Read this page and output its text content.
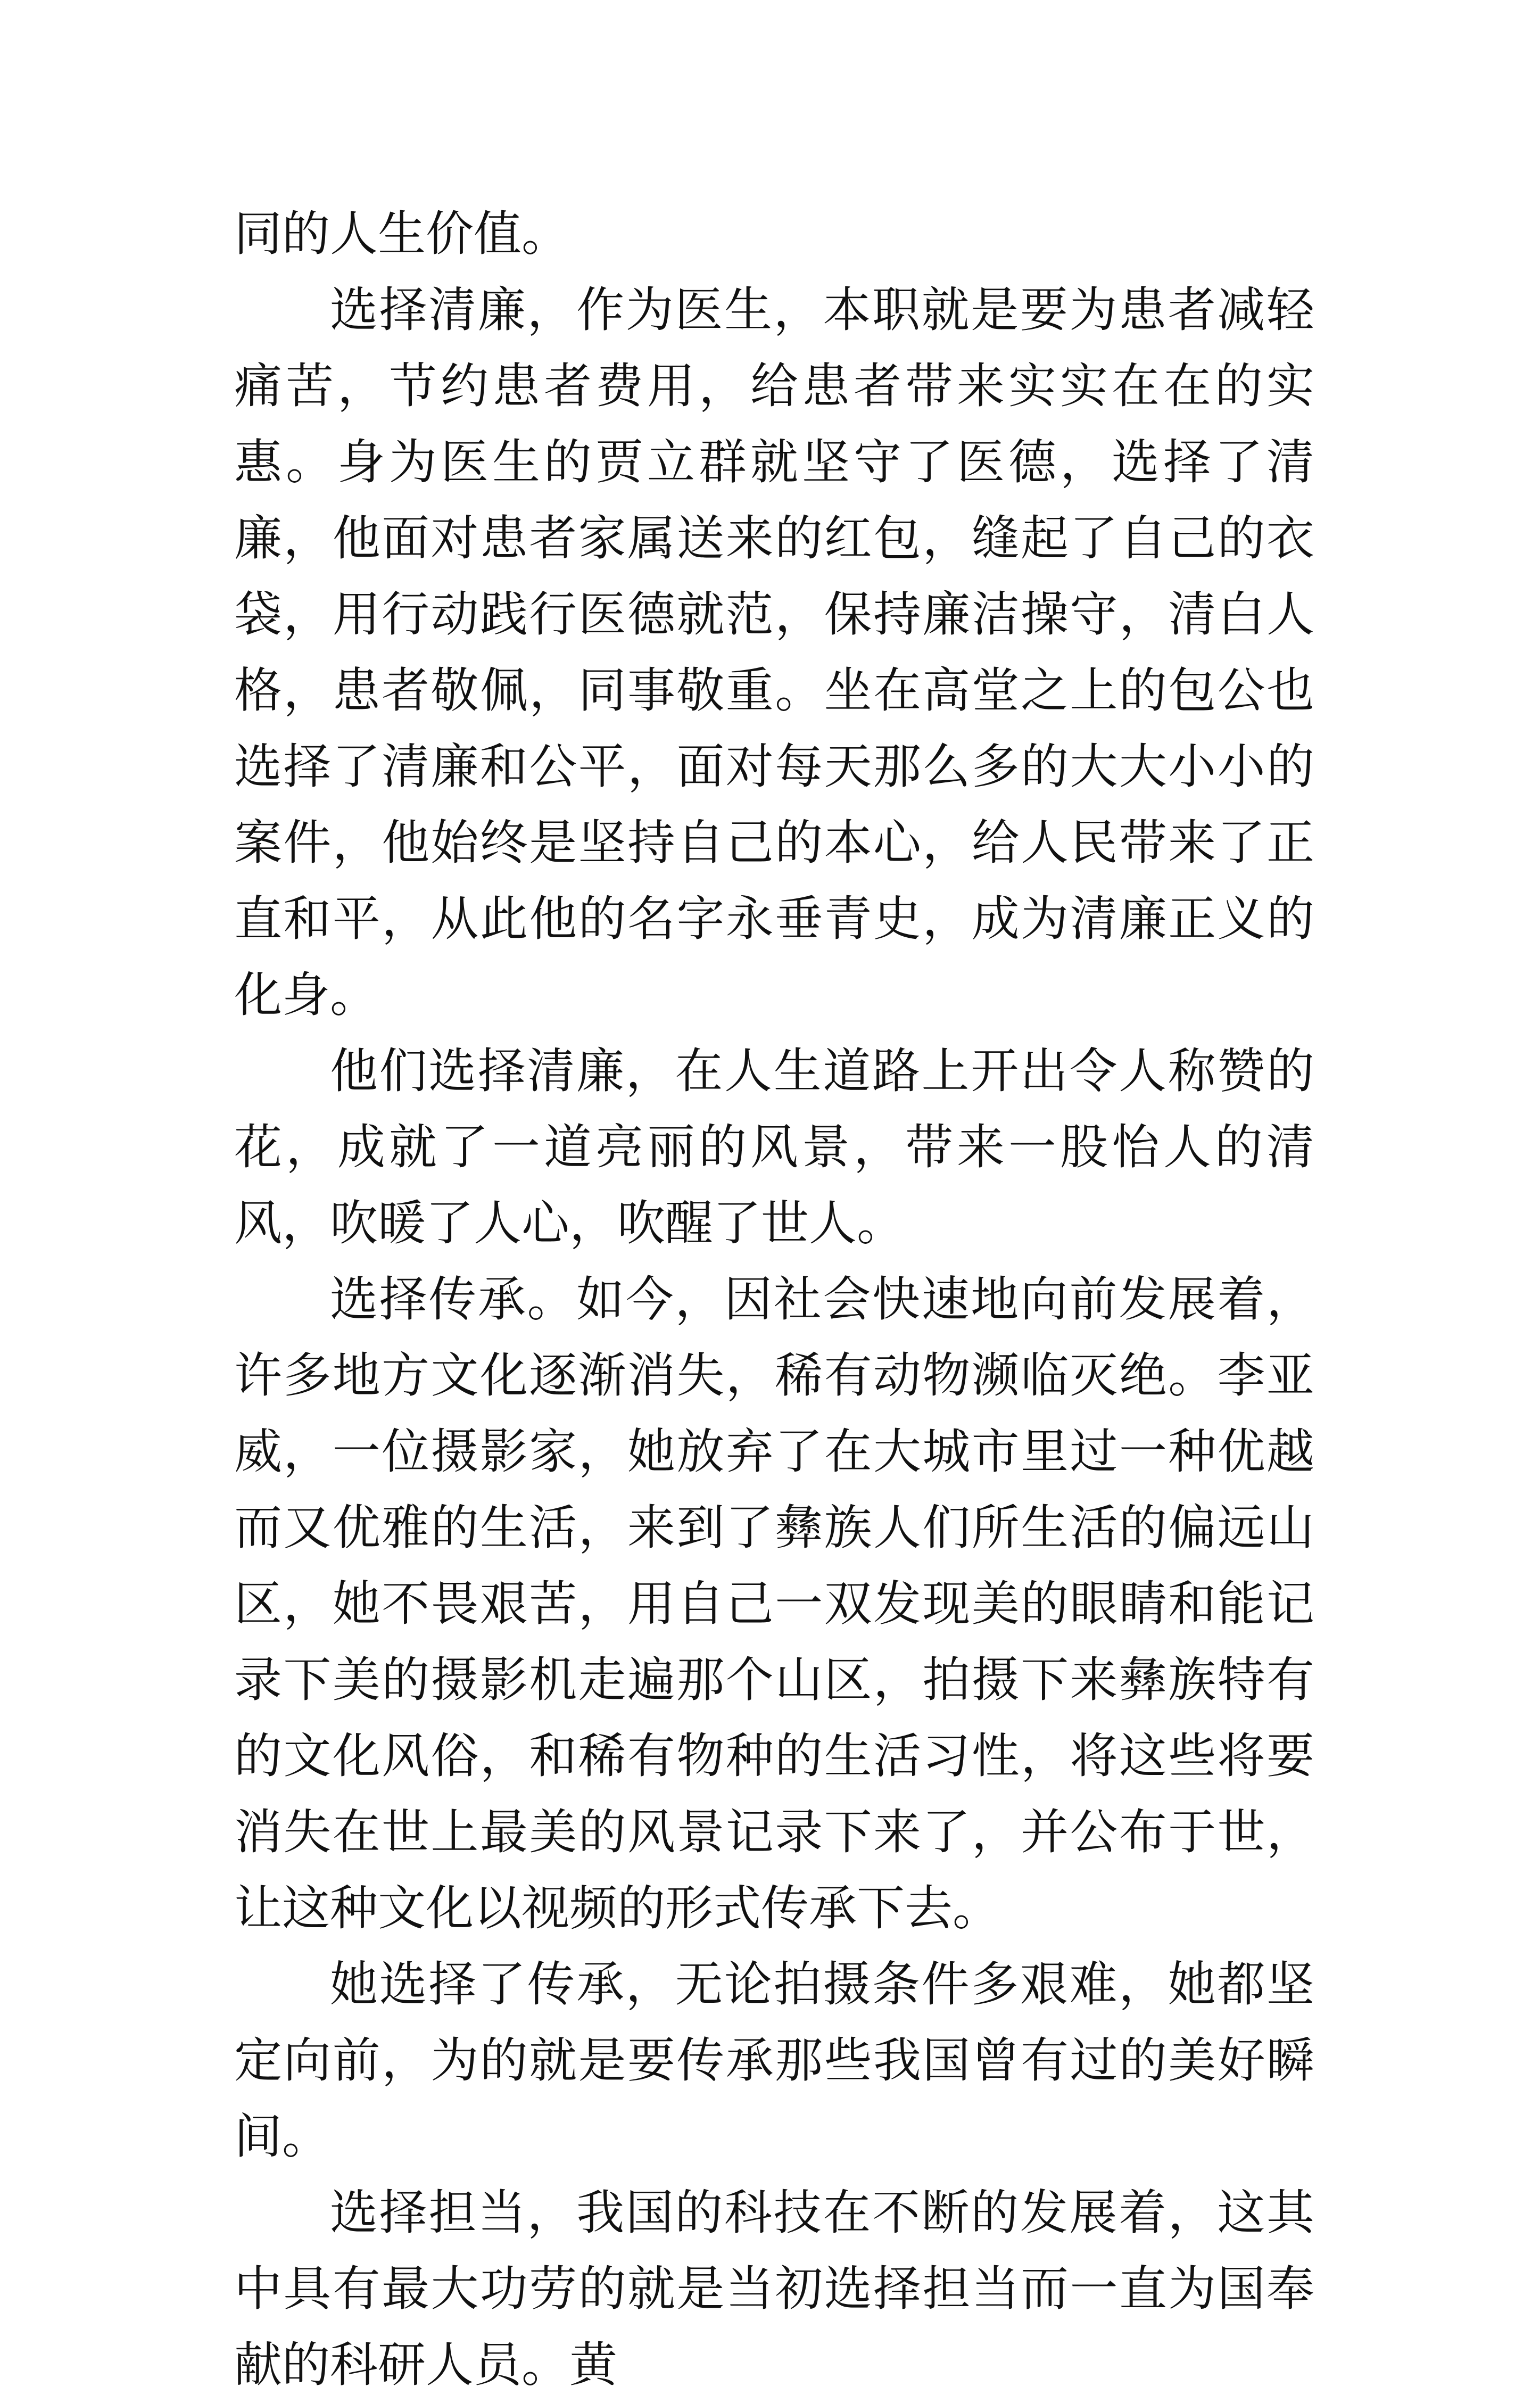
同的人生价值。

选择清廉，作为医生，本职就是要为患者减轻痛苦，节约患者费用，给患者带来实实在在的实惠。身为医生的贾立群就坚守了医德，选择了清廉，他面对患者家属送来的红包，缝起了自己的衣袋，用行动践行医德就范，保持廉洁操守，清白人格，患者敬佩，同事敬重。坐在高堂之上的包公也选择了清廉和公平，面对每天那么多的大大小小的案件，他始终是坚持自己的本心，给人民带来了正直和平，从此他的名字永垂青史，成为清廉正义的化身。

他们选择清廉，在人生道路上开出令人称赞的花，成就了一道亮丽的风景，带来一股怡人的清风，吹暖了人心，吹醒了世人。

选择传承。如今，因社会快速地向前发展着，许多地方文化逐渐消失，稀有动物濒临灭绝。李亚威，一位摄影家，她放弃了在大城市里过一种优越而又优雅的生活，来到了彝族人们所生活的偏远山区，她不畏艰苦，用自己一双发现美的眼睛和能记录下美的摄影机走遍那个山区，拍摄下来彝族特有的文化风俗，和稀有物种的生活习性，将这些将要消失在世上最美的风景记录下来了，并公布于世，让这种文化以视频的形式传承下去。

她选择了传承，无论拍摄条件多艰难，她都坚定向前，为的就是要传承那些我国曾有过的美好瞬间。

选择担当，我国的科技在不断的发展着，这其中具有最大功劳的就是当初选择担当而一直为国奉献的科研人员。黄
